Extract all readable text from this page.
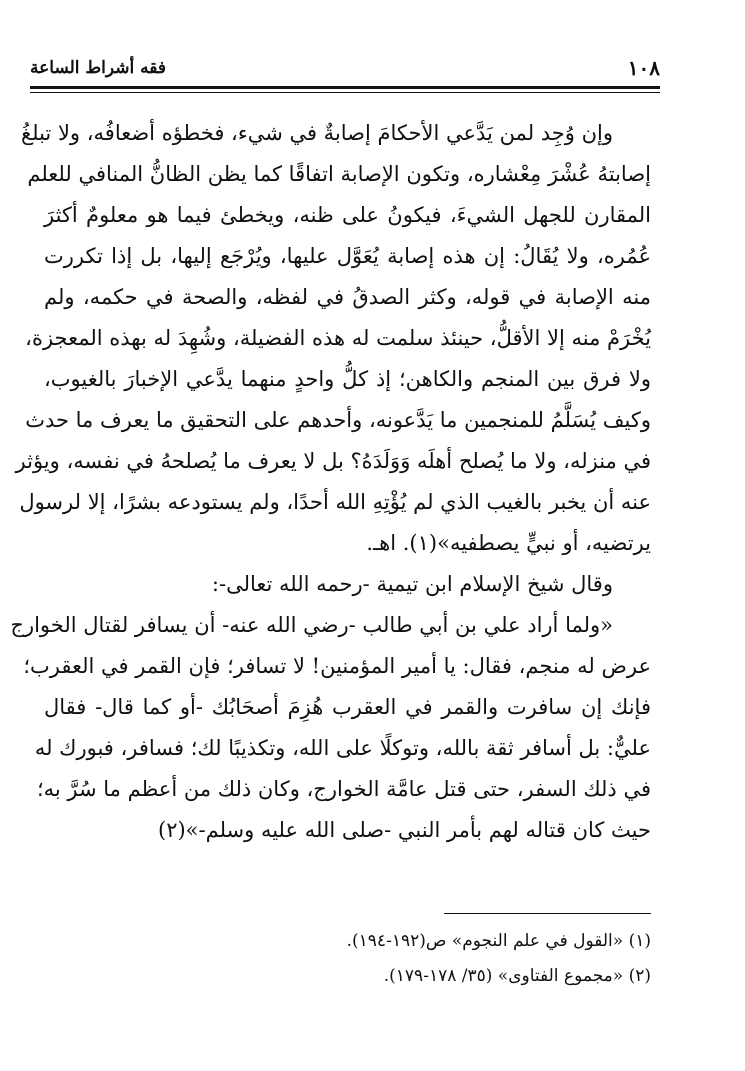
١٠٨
فقه أشراط الساعة
وإن وُجِد لمن يَدَّعي الأحكامَ إصابةٌ في شيء، فخطؤه أضعافُه، ولا تبلغُ
إصابتهُ عُشْرَ مِعْشاره، وتكون الإصابة اتفاقًا كما يظن الظانُّ المنافي للعلم
المقارن للجهل الشيءَ، فيكونُ على ظنه، ويخطئ فيما هو معلومٌ أكثرَ
عُمُره، ولا يُقَالُ: إن هذه إصابة يُعَوَّل عليها، ويُرْجَع إليها، بل إذا تكررت
منه الإصابة في قوله، وكثر الصدقُ في لفظه، والصحة في حكمه، ولم
يُخْرَمْ منه إلا الأقلُّ، حينئذ سلمت له هذه الفضيلة، وشُهِدَ له بهذه المعجزة،
ولا فرق بين المنجم والكاهن؛ إذ كلُّ واحدٍ منهما يدَّعي الإخبارَ بالغيوب،
وكيف يُسَلَّمُ للمنجمين ما يَدَّعونه، وأحدهم على التحقيق ما يعرف ما حدث
في منزله، ولا ما يُصلح أهلَه وَوَلَدَهُ؟ بل لا يعرف ما يُصلحهُ في نفسه، ويؤثر
عنه أن يخبر بالغيب الذي لم يُؤْتِهِ الله أحدًا، ولم يستودعه بشرًا، إلا لرسول
يرتضيه، أو نبيٍّ يصطفيه»(١). اهـ.
وقال شيخ الإسلام ابن تيمية -رحمه الله تعالى-:
«ولما أراد علي بن أبي طالب -رضي الله عنه- أن يسافر لقتال الخوارج
عرض له منجم، فقال: يا أمير المؤمنين! لا تسافر؛ فإن القمر في العقرب؛
فإنك إن سافرت والقمر في العقرب هُزِمَ أصحَابُك -أو كما قال- فقال
عليٌّ: بل أسافر ثقة بالله، وتوكلًا على الله، وتكذيبًا لك؛ فسافر، فبورك له
في ذلك السفر، حتى قتل عامَّة الخوارج، وكان ذلك من أعظم ما سُرَّ به؛
حيث كان قتاله لهم بأمر النبي -صلى الله عليه وسلم-»(٢)
(١) «القول في علم النجوم» ص(١٩٢-١٩٤).
(٢) «مجموع الفتاوى» (٣٥/ ١٧٨-١٧٩).
